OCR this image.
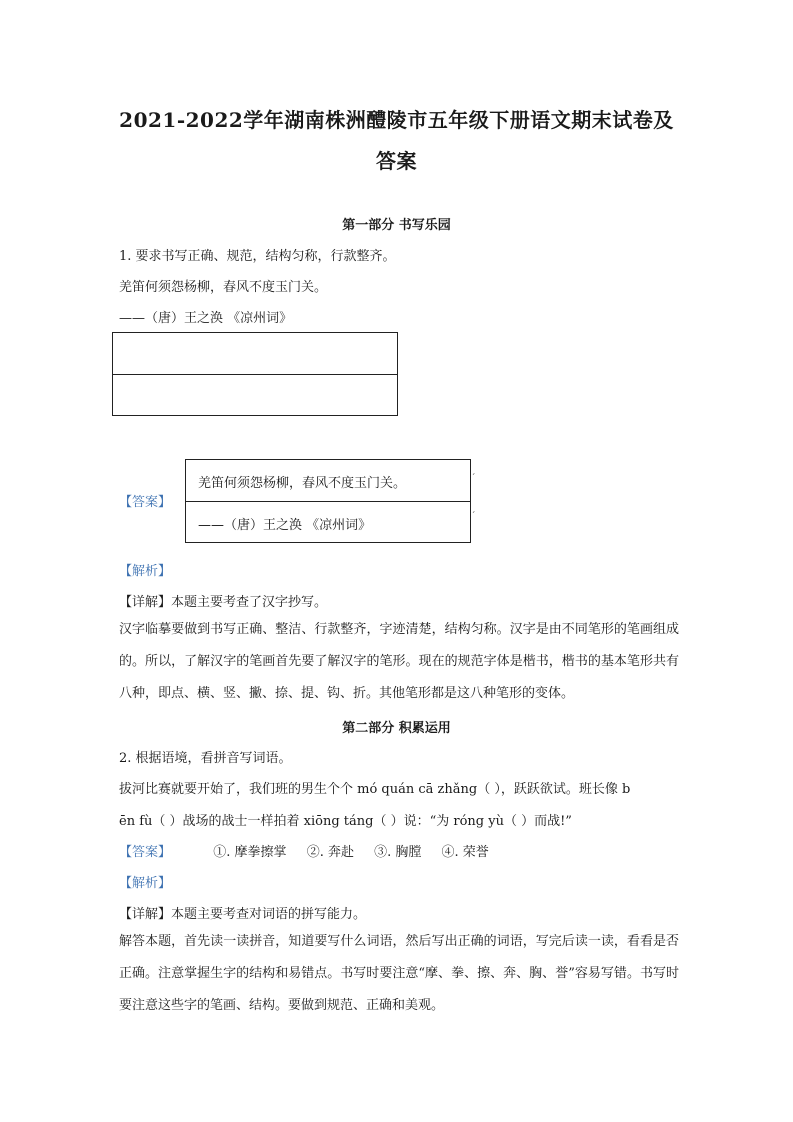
2021-2022学年湖南株洲醴陵市五年级下册语文期末试卷及
答案
第一部分 书写乐园
1. 要求书写正确、规范，结构匀称，行款整齐。
羌笛何须怨杨柳，春风不度玉门关。
——（唐）王之涣 《凉州词》
【答案】
羌笛何须怨杨柳，春风不度玉门关。
——（唐）王之涣 《凉州词》
ˊ
ˊ
【解析】
【详解】本题主要考查了汉字抄写。
汉字临摹要做到书写正确、整洁、行款整齐，字迹清楚，结构匀称。汉字是由不同笔形的笔画组成的。所以，了解汉字的笔画首先要了解汉字的笔形。现在的规范字体是楷书，楷书的基本笔形共有八种，即点、横、竖、撇、捺、提、钩、折。其他笔形都是这八种笔形的变体。
第二部分 积累运用
2. 根据语境，看拼音写词语。
拔河比赛就要开始了，我们班的男生个个 mó quán cā zhǎng（ ），跃跃欲试。班长像 b
ēn fù（ ）战场的战士一样拍着 xiōng táng（ ）说：“为 róng yù（ ）而战!”
【答案】	①. 摩拳擦掌 ②. 奔赴 ③. 胸膛 ④. 荣誉
【解析】
【详解】本题主要考查对词语的拼写能力。
解答本题，首先读一读拼音，知道要写什么词语，然后写出正确的词语，写完后读一读，看看是否正确。注意掌握生字的结构和易错点。书写时要注意“摩、拳、擦、奔、胸、誉”容易写错。书写时要注意这些字的笔画、结构。要做到规范、正确和美观。
